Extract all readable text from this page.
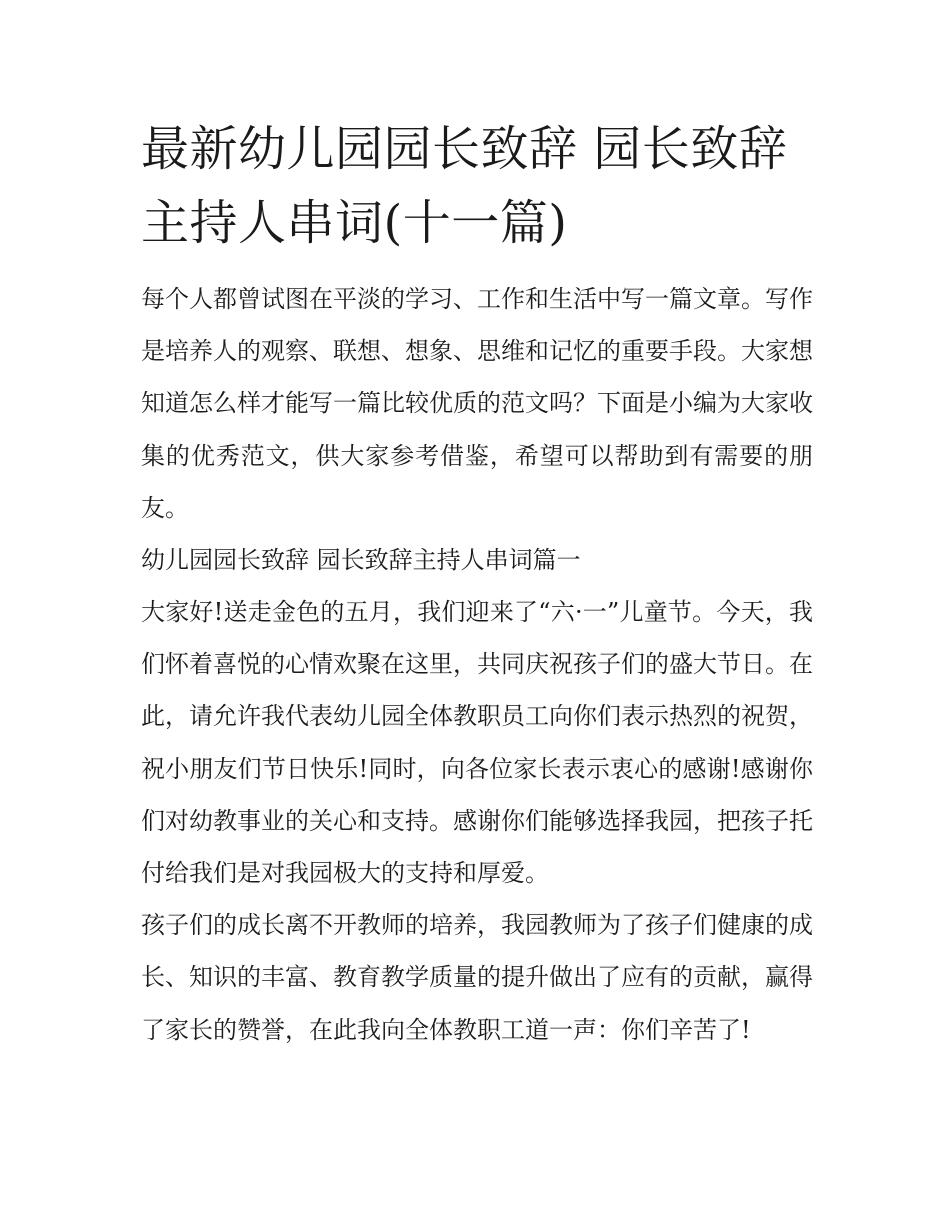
最新幼儿园园长致辞 园长致辞主持人串词(十一篇)

每个人都曾试图在平淡的学习、工作和生活中写一篇文章。写作是培养人的观察、联想、想象、思维和记忆的重要手段。大家想知道怎么样才能写一篇比较优质的范文吗？下面是小编为大家收集的优秀范文，供大家参考借鉴，希望可以帮助到有需要的朋友。

幼儿园园长致辞 园长致辞主持人串词篇一

大家好!送走金色的五月，我们迎来了“六·一”儿童节。今天，我们怀着喜悦的心情欢聚在这里，共同庆祝孩子们的盛大节日。在此，请允许我代表幼儿园全体教职员工向你们表示热烈的祝贺，祝小朋友们节日快乐!同时，向各位家长表示衷心的感谢!感谢你们对幼教事业的关心和支持。感谢你们能够选择我园，把孩子托付给我们是对我园极大的支持和厚爱。

孩子们的成长离不开教师的培养，我园教师为了孩子们健康的成长、知识的丰富、教育教学质量的提升做出了应有的贡献，赢得了家长的赞誉，在此我向全体教职工道一声：你们辛苦了!
